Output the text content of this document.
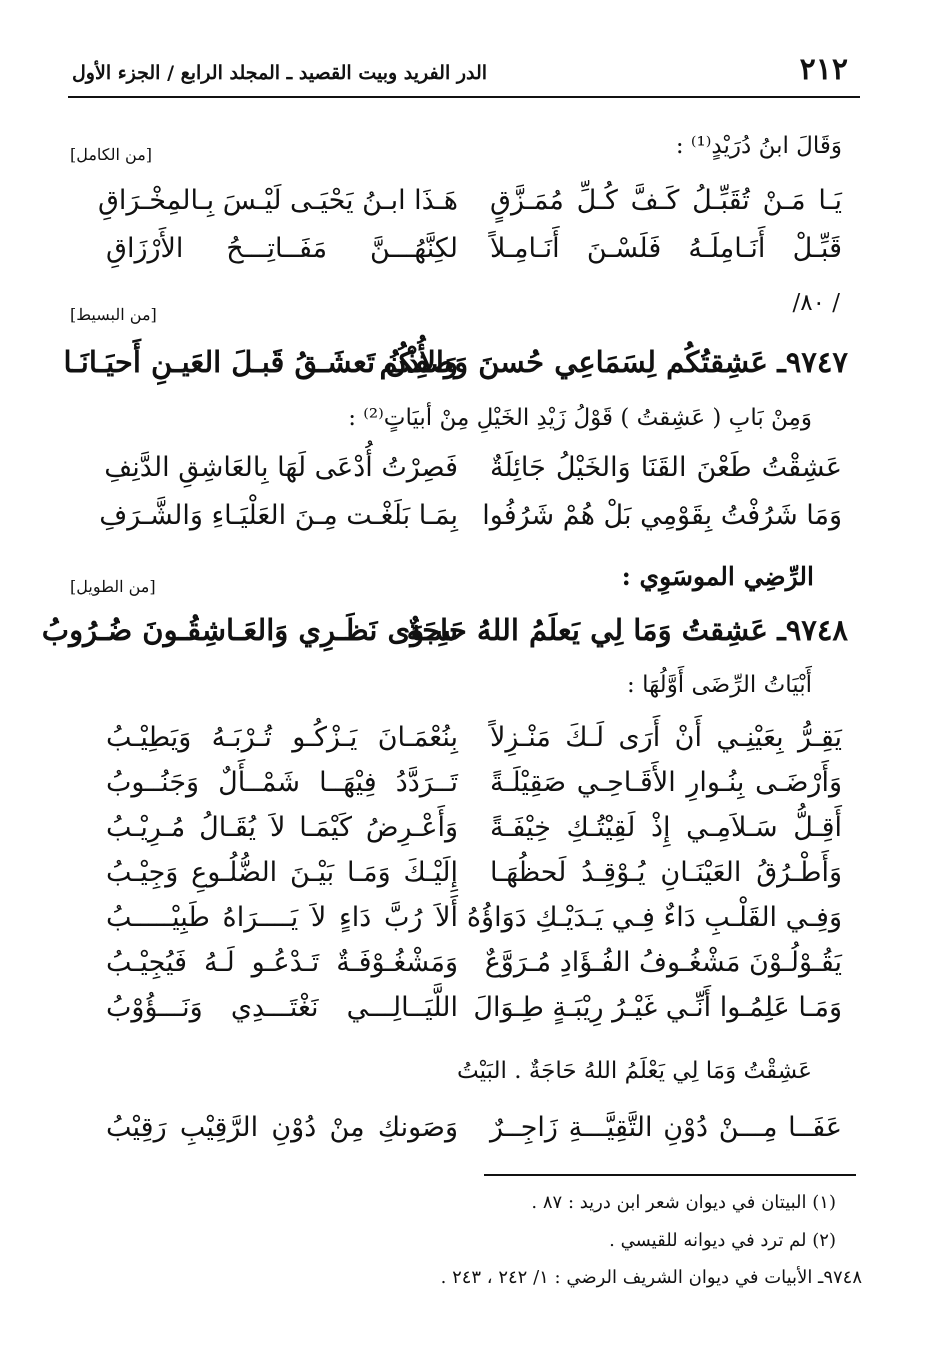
٢١٢
الدر الفريد وبيت القصيد ـ المجلد الرابع / الجزء الأول
وَقَالَ ابنُ دُرَيْدٍ⁽¹⁾ :
[من الكامل]
يَـا مَـنْ تُقَبِّـلُ كَـفَّ كُـلِّ مُمَـزَّقٍ
هَـذَا ابـنُ يَحْيَـى لَيْـسَ بِـالمِخْـرَاقِ
قَبِّـلْ أَنَـامِلَـهُ فَلَسْـنَ أَنَـامِـلاً
لكِنَّهُـــنَّ مَفَــاتِـــحُ الأَرْزَاقِ
/ ٨٠/
[من البسيط]
٩٧٤٧ـ
عَشِقتُكُم لِسَمَاعِي حُسنَ وَصفِكُم
وَالأُذْنُ تَعشَـقُ قَبـلَ العَيـنِ أَحيَـانَـا
وَمِنْ بَابِ ( عَشِقتُ ) قَوْلُ زَيْدِ الخَيْلِ مِنْ أبيَاتٍ⁽²⁾ :
عَشِقْتُ طَعْنَ القَنَا وَالخَيْلُ جَائِلَةٌ
فَصِرْتُ أُدْعَى لَهَا بِالعَاشِقِ الدَّنِفِ
وَمَا شَرُفْتُ بِقَوْمِي بَلْ هُمْ شَرُفُوا
بِمَـا بَلَغْـت مِـنَ العَلْيَـاءِ وَالشَّـرَفِ
الرِّضِي الموسَوِي :
[من الطويل]
٩٧٤٨ـ
عَشِقتُ وَمَا لِي يَعلَمُ اللهُ حَاجَةٌ
سِـوَى نَظَـرِي وَالعَـاشِقُـونَ ضُـرُوبُ
أَبْيَاتُ الرِّضَى أَوَّلُهَا :
يَقِـرُّ بِعَيْنِـي أَنْ أَرَى لَـكَ مَنْـزِلاً
بِنُعْمَـانَ يَـزْكُـو تُـرْبَـهُ وَيَطِيْـبُ
وَأَرْضَـى بِنُـوارِ الأَقَـاحِـي صَقِيْلَـةً
تَــرَدَّدُ فِيْهَــا شَمْــأَلٌ وَجَنُــوبُ
أَقِـلُّ سَـلاَمِـي إِذْ لَقِيْتُـكِ خِيْفَـةً
وَأَعْـرِضُ كَيْمَـا لاَ يُقَـالُ مُـرِيْـبُ
وَأَطْـرُقُ العَيْنَـانِ يُـوْقِـدُ لَحظُهَـا
إِلَيْـكَ وَمَـا بَيْـنَ الضُّلُـوعِ وَجِيْـبُ
وَفِـي القَلْـبِ دَاءٌ فِـي يَـدَيْـكِ دَوَاؤُهُ
أَلاَ رُبَّ دَاءٍ لاَ يَــــرَاهُ طَبِيْـــــبُ
يَقُـوْلُـوْنَ مَشْغُـوفُ الفُـؤَادِ مُـرَوَّعٌ
وَمَشْغُـوْفَـةٌ تَـدْعُـو لَـهُ فَيُجِيْـبُ
وَمَـا عَلِمُـوا أَنِّـي غَيْـرُ رِيْبَـةٍ طِـوَالَ
اللَّيَــالِـــي نَغْتَـــدِي وَنَـــؤُوْبُ
عَشِقْتُ وَمَا لِي يَعْلَمُ اللهُ حَاجَةٌ . البَيْتُ
عَفَــا مِـــنْ دُوْنِ التَّقِيَّـــةِ زَاجِــرٌ
وَصَونكِ مِنْ دُوْنِ الرَّقِيْبِ رَقِيْبُ
(١) البيتان في ديوان شعر ابن دريد : ٨٧ .
(٢) لم ترد في ديوانه للقيسي .
٩٧٤٨ـ الأبيات في ديوان الشريف الرضي : ١/ ٢٤٢ ، ٢٤٣ .
